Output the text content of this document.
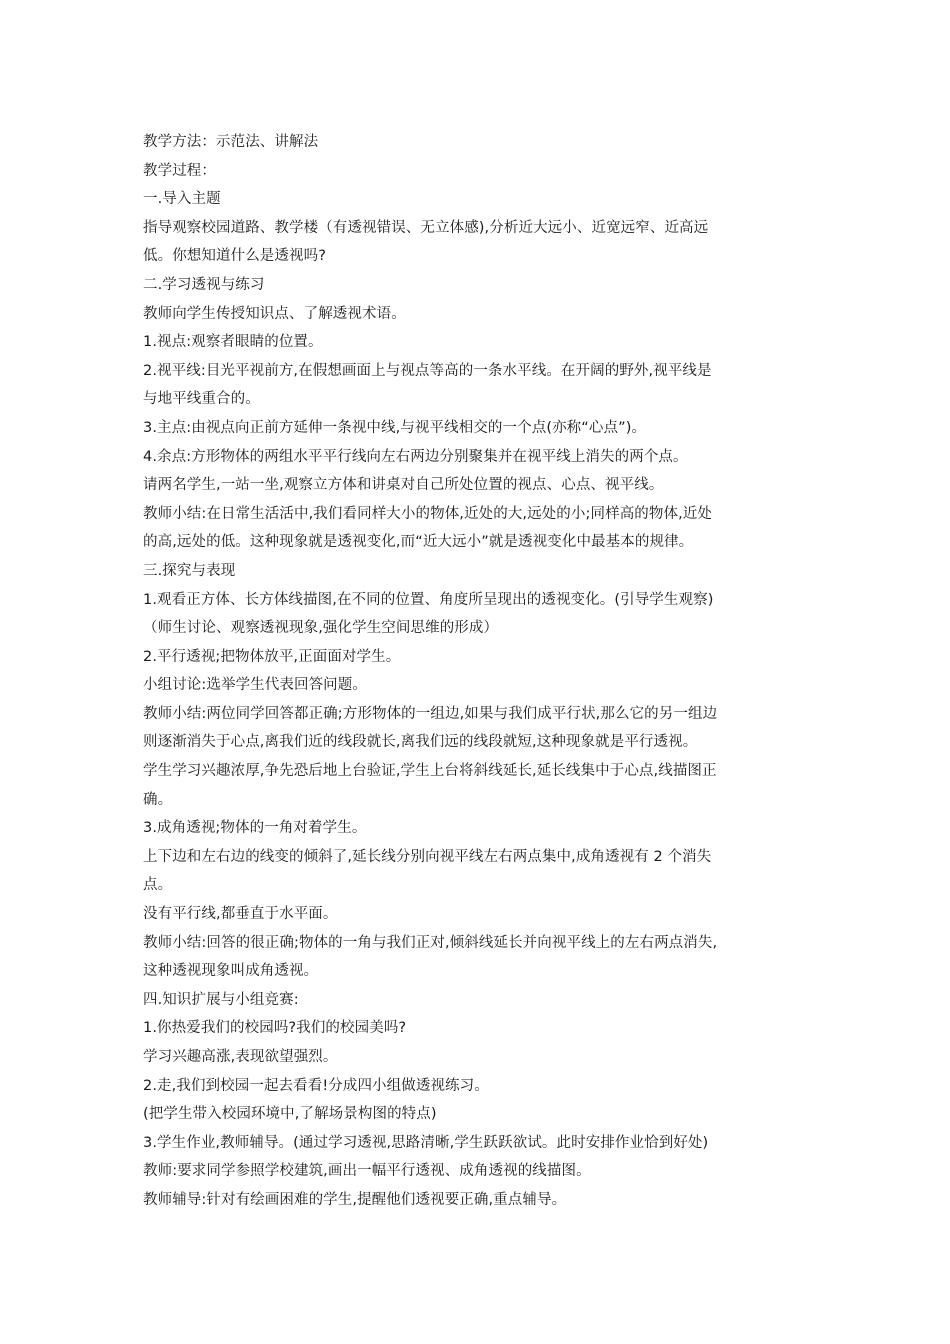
教学方法：示范法、讲解法
教学过程：
一.导入主题
指导观察校园道路、教学楼（有透视错误、无立体感),分析近大远小、近宽远窄、近高远
低。你想知道什么是透视吗?
二.学习透视与练习
教师向学生传授知识点、了解透视术语。
1.视点:观察者眼睛的位置。
2.视平线:目光平视前方,在假想画面上与视点等高的一条水平线。在开阔的野外,视平线是
与地平线重合的。
3.主点:由视点向正前方延伸一条视中线,与视平线相交的一个点(亦称“心点”)。
4.余点:方形物体的两组水平平行线向左右两边分别聚集并在视平线上消失的两个点。
请两名学生,一站一坐,观察立方体和讲桌对自己所处位置的视点、心点、视平线。
教师小结:在日常生活活中,我们看同样大小的物体,近处的大,远处的小;同样高的物体,近处
的高,远处的低。这种现象就是透视变化,而“近大远小”就是透视变化中最基本的规律。
三.探究与表现
1.观看正方体、长方体线描图,在不同的位置、角度所呈现出的透视变化。(引导学生观察)
（师生讨论、观察透视现象,强化学生空间思维的形成）
2.平行透视;把物体放平,正面面对学生。
小组讨论:选举学生代表回答问题。
教师小结:两位同学回答都正确;方形物体的一组边,如果与我们成平行状,那么它的另一组边
则逐渐消失于心点,离我们近的线段就长,离我们远的线段就短,这种现象就是平行透视。
学生学习兴趣浓厚,争先恐后地上台验证,学生上台将斜线延长,延长线集中于心点,线描图正
确。
3.成角透视;物体的一角对着学生。
上下边和左右边的线变的倾斜了,延长线分别向视平线左右两点集中,成角透视有 2 个消失
点。
没有平行线,都垂直于水平面。
教师小结:回答的很正确;物体的一角与我们正对,倾斜线延长并向视平线上的左右两点消失,
这种透视现象叫成角透视。
四.知识扩展与小组竞赛:
1.你热爱我们的校园吗?我们的校园美吗?
学习兴趣高涨,表现欲望强烈。
2.走,我们到校园一起去看看!分成四小组做透视练习。
(把学生带入校园环境中,了解场景构图的特点)
3.学生作业,教师辅导。(通过学习透视,思路清晰,学生跃跃欲试。此时安排作业恰到好处)
教师:要求同学参照学校建筑,画出一幅平行透视、成角透视的线描图。
教师辅导:针对有绘画困难的学生,提醒他们透视要正确,重点辅导。
